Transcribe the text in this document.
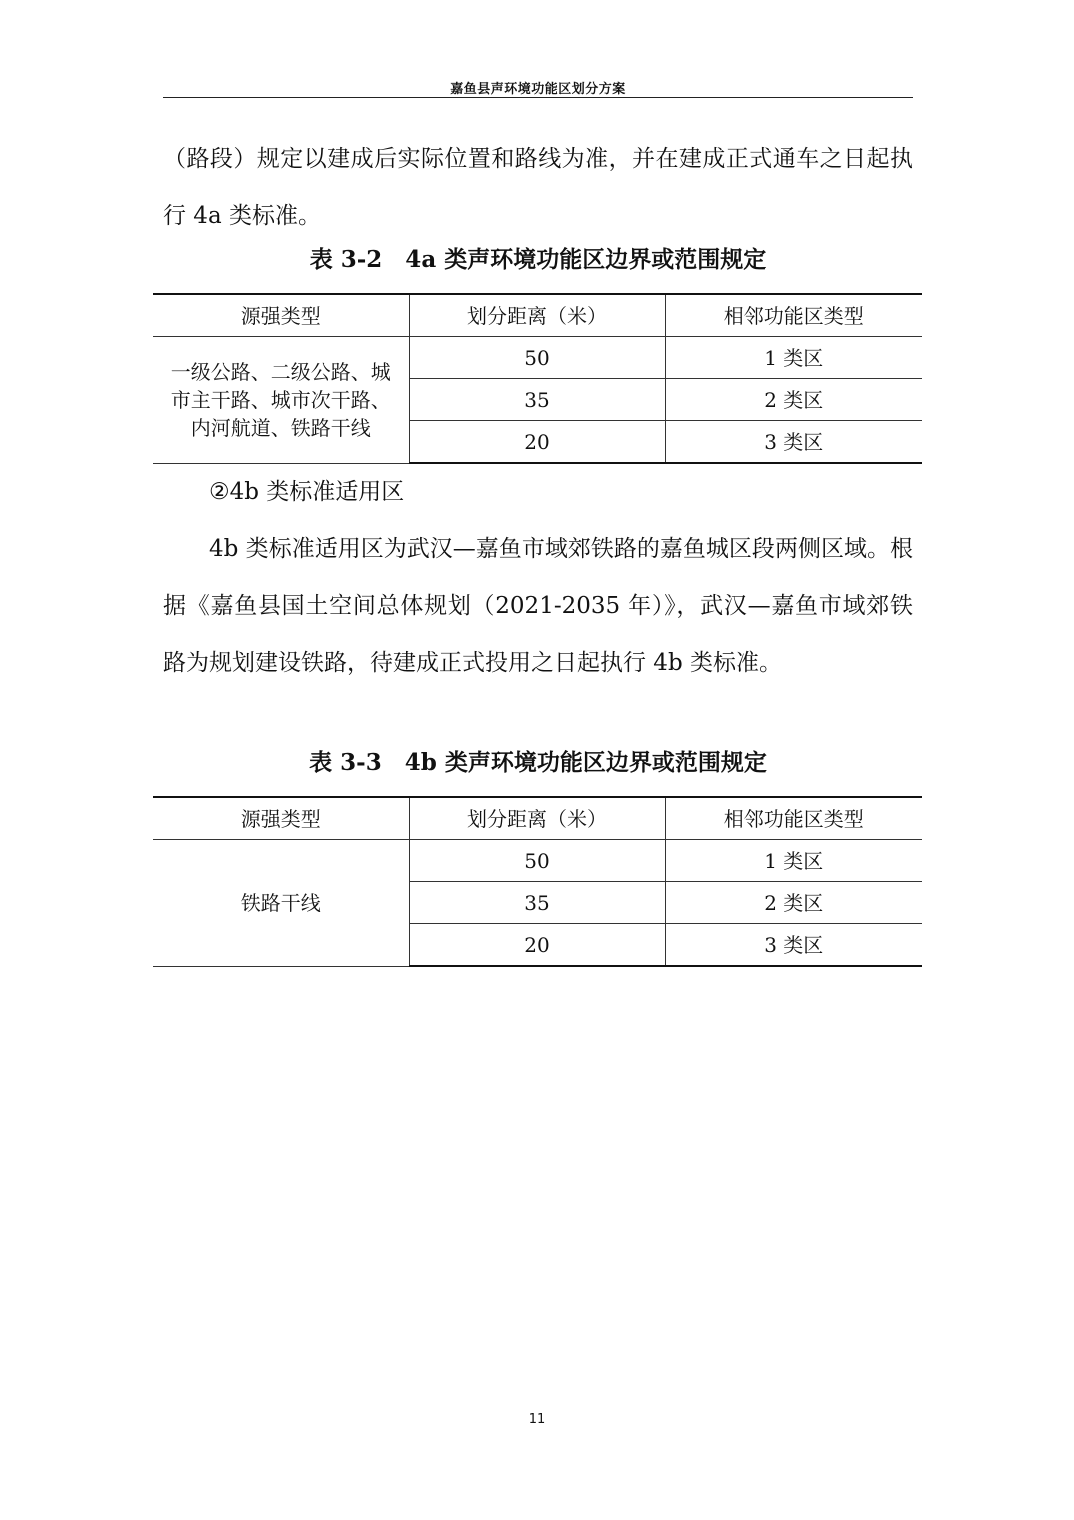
嘉鱼县声环境功能区划分方案

（路段）规定以建成后实际位置和路线为准，并在建成正式通车之日起执行 4a 类标准。

表 3-2　4a 类声环境功能区边界或范围规定
源强类型	划分距离（米）	相邻功能区类型
一级公路、二级公路、城市主干路、城市次干路、内河航道、铁路干线	50	1 类区
	35	2 类区
	20	3 类区

②4b 类标准适用区

4b 类标准适用区为武汉—嘉鱼市域郊铁路的嘉鱼城区段两侧区域。根据《嘉鱼县国土空间总体规划（2021-2035 年）》，武汉—嘉鱼市域郊铁路为规划建设铁路，待建成正式投用之日起执行 4b 类标准。

表 3-3　4b 类声环境功能区边界或范围规定
源强类型	划分距离（米）	相邻功能区类型
铁路干线	50	1 类区
	35	2 类区
	20	3 类区
11
